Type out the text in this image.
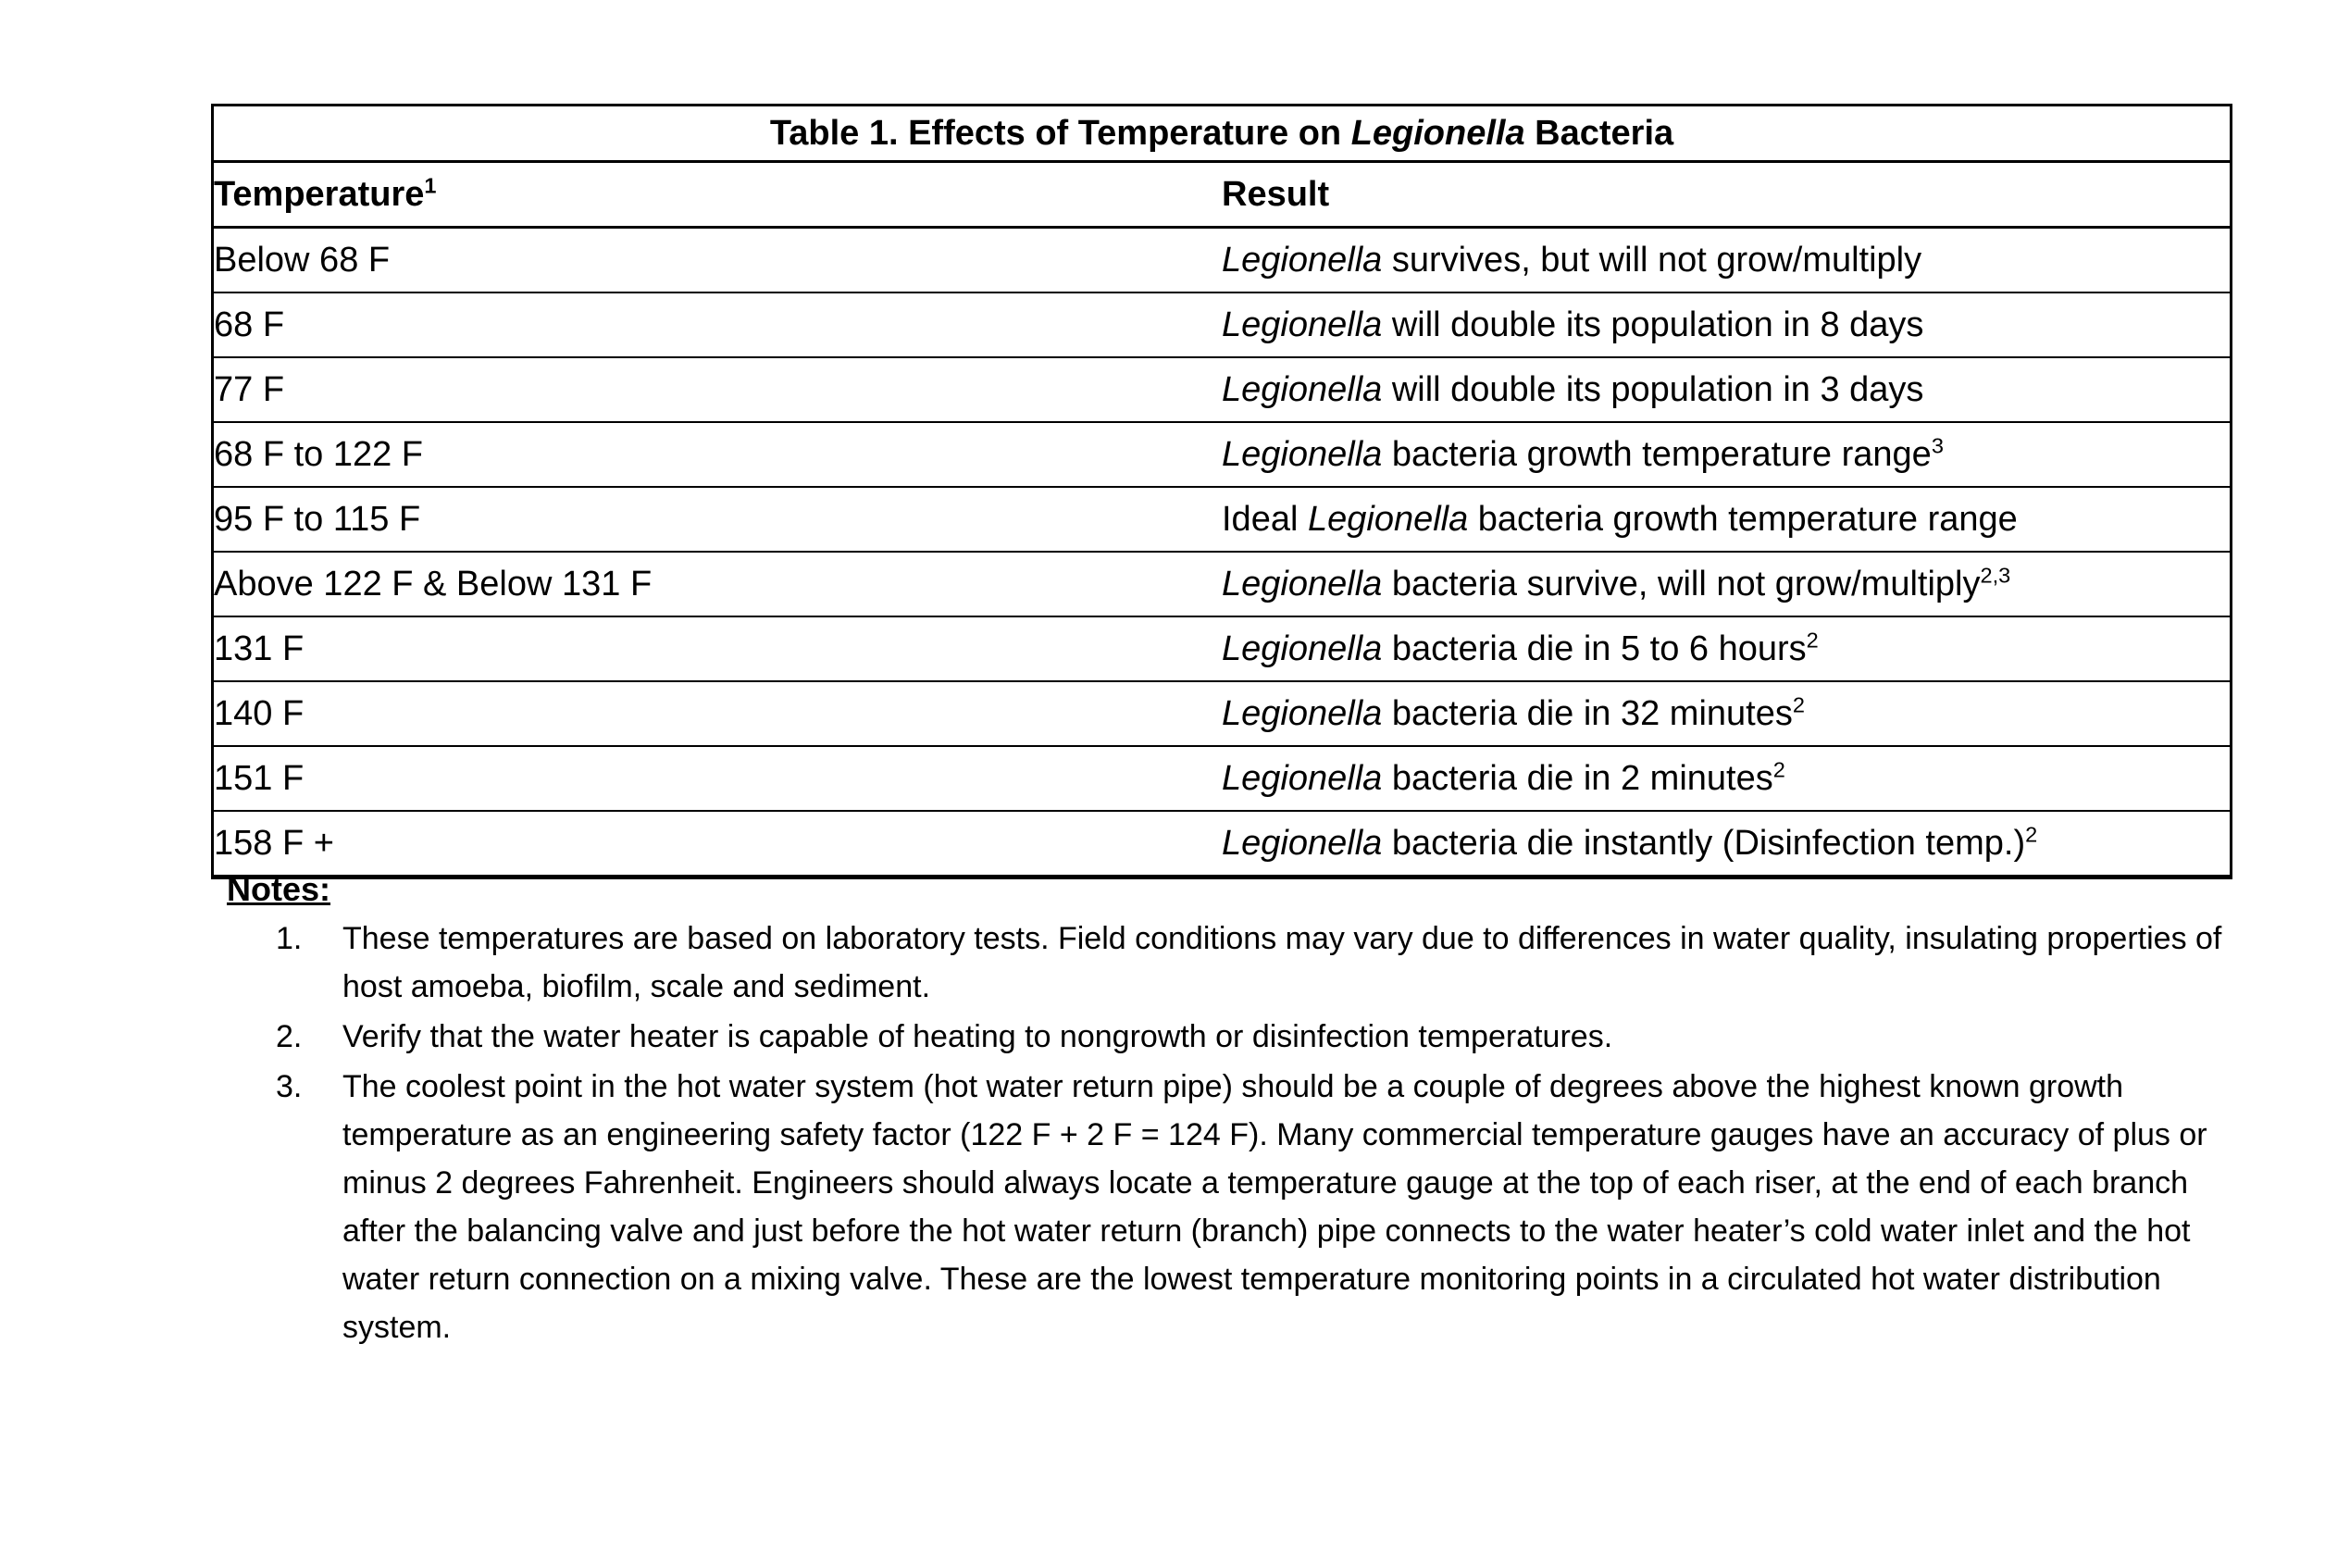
Table 1. Effects of Temperature on Legionella Bacteria	
Temperature$^1$	Result
Below 68 F	Legionella survives, but will not grow/multiply
68 F	Legionella will double its population in 8 days
77 F	Legionella will double its population in 3 days
68 F to 122 F	Legionella bacteria growth temperature range$^3$
95 F to 115 F	Ideal Legionella bacteria growth temperature range
Above 122 F & Below 131 F	Legionella bacteria survive, will not grow/multiply$^{2,3}$
131 F	Legionella bacteria die in 5 to 6 hours$^2$
140 F	Legionella bacteria die in 32 minutes$^2$
151 F	Legionella bacteria die in 2 minutes$^2$
158 F +	Legionella bacteria die instantly (Disinfection temp.)$^2$
Notes:
These temperatures are based on laboratory tests. Field conditions may vary due to differences in water quality, insulating properties of host amoeba, biofilm, scale and sediment.
Verify that the water heater is capable of heating to nongrowth or disinfection temperatures.
The coolest point in the hot water system (hot water return pipe) should be a couple of degrees above the highest known growth temperature as an engineering safety factor (122 F + 2 F = 124 F). Many commercial temperature gauges have an accuracy of plus or minus 2 degrees Fahrenheit. Engineers should always locate a temperature gauge at the top of each riser, at the end of each branch after the balancing valve and just before the hot water return (branch) pipe connects to the water heater’s cold water inlet and the hot water return connection on a mixing valve. These are the lowest temperature monitoring points in a circulated hot water distribution system.
